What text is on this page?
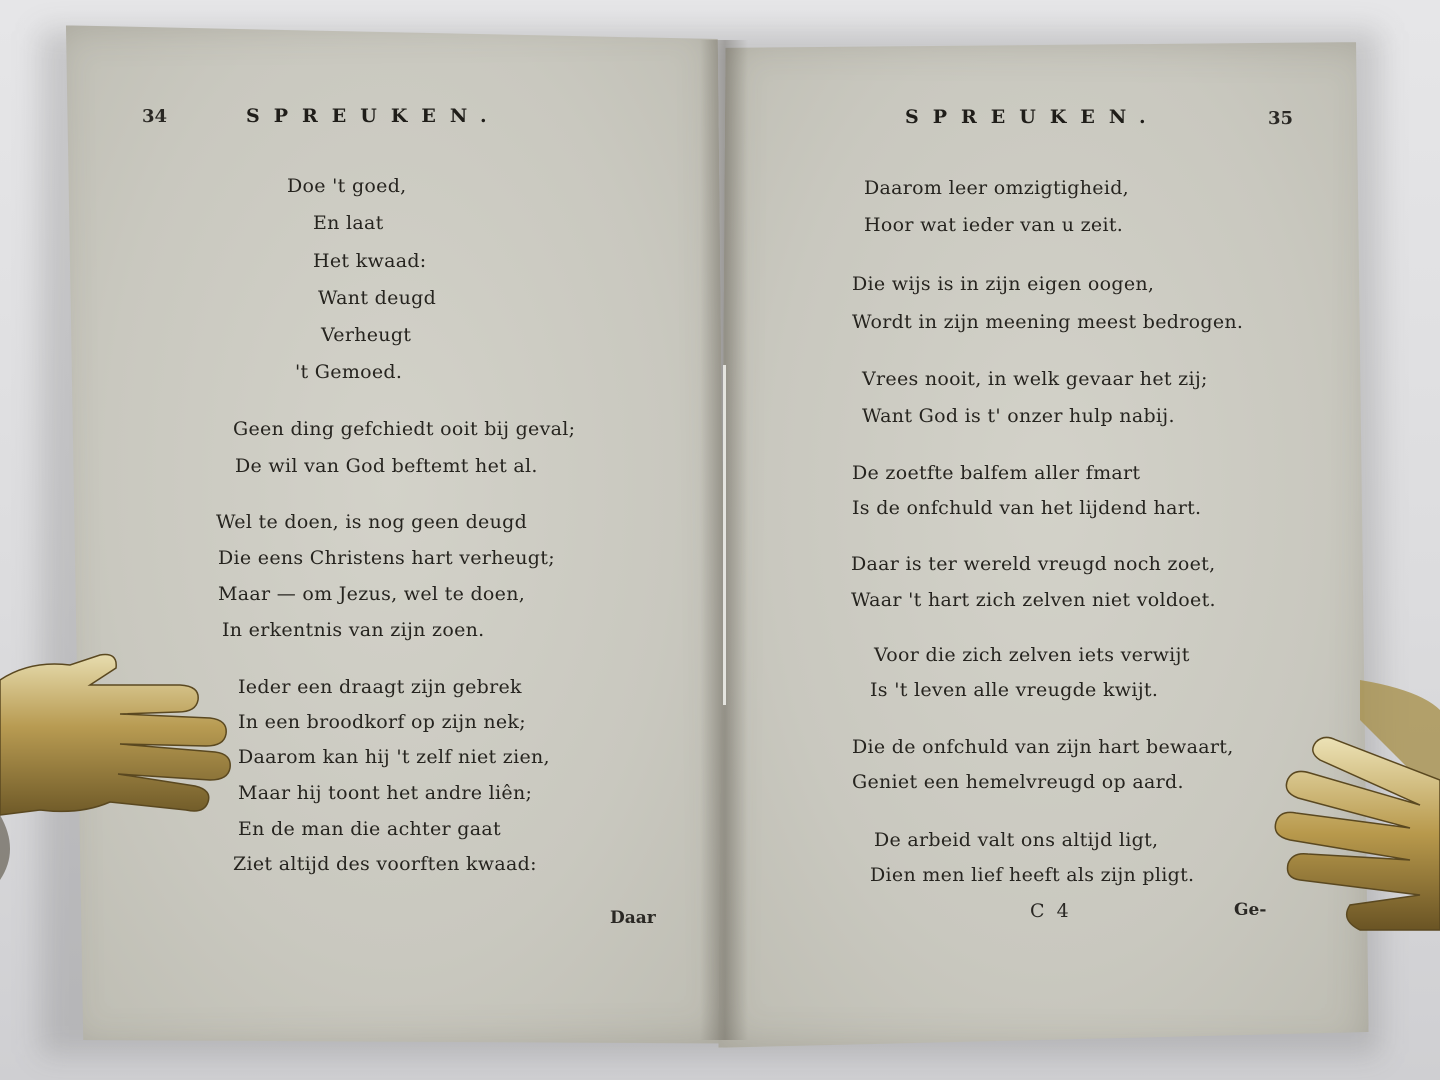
34	SPREUKEN.
Doe 't goed,
En laat
Het kwaad:
Want deugd
Verheugt
't Gemoed.
Geen ding gefchiedt ooit bij geval;
De wil van God beftemt het al.
Wel te doen, is nog geen deugd
Die eens Christens hart verheugt;
Maar — om Jezus, wel te doen,
In erkentnis van zijn zoen.
Ieder een draagt zijn gebrek
In een broodkorf op zijn nek;
Daarom kan hij 't zelf niet zien,
Maar hij toont het andre liên;
En de man die achter gaat
Ziet altijd des voorften kwaad:
Daar
SPREUKEN.	35
Daarom leer omzigtigheid,
Hoor wat ieder van u zeit.
Die wijs is in zijn eigen oogen,
Wordt in zijn meening meest bedrogen.
Vrees nooit, in welk gevaar het zij;
Want God is t' onzer hulp nabij.
De zoetfte balfem aller fmart
Is de onfchuld van het lijdend hart.
Daar is ter wereld vreugd noch zoet,
Waar 't hart zich zelven niet voldoet.
Voor die zich zelven iets verwijt
Is 't leven alle vreugde kwijt.
Die de onfchuld van zijn hart bewaart,
Geniet een hemelvreugd op aard.
De arbeid valt ons altijd ligt,
Dien men lief heeft als zijn pligt.
C 4	Ge-
